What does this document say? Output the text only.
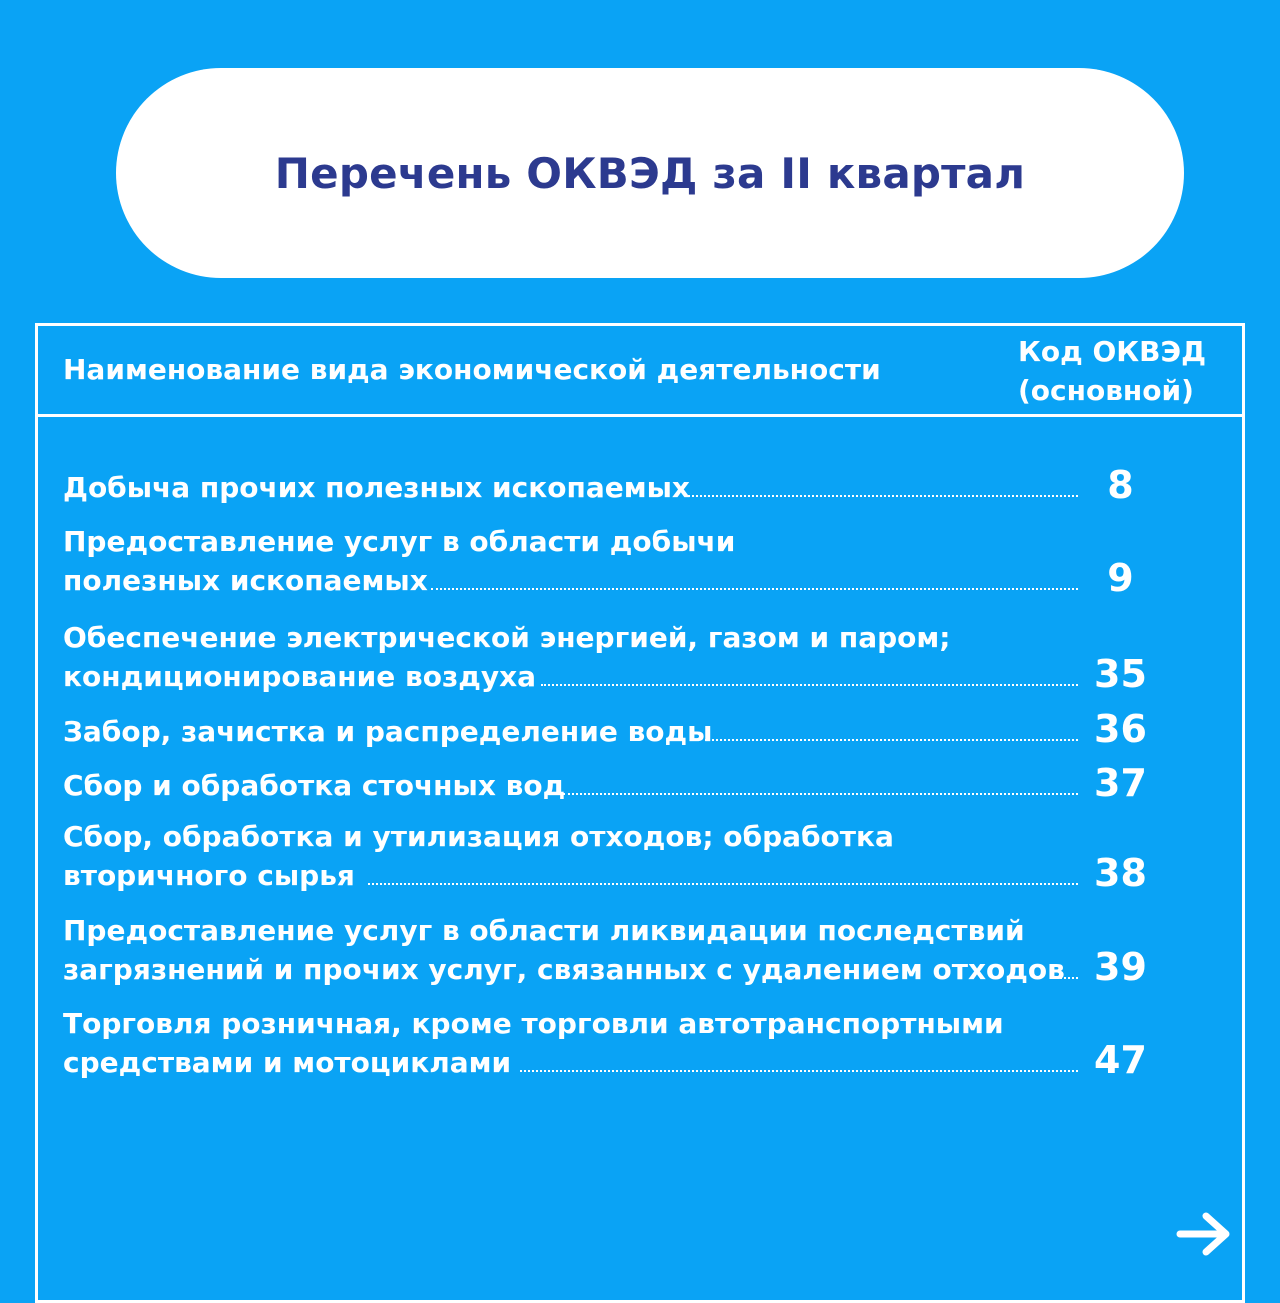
Перечень ОКВЭД за II квартал
Наименование вида экономической деятельности
Код ОКВЭД
(основной)
Добыча прочих полезных ископаемых	8
Предоставление услуг в области добычи
полезных ископаемых	9
Обеспечение электрической энергией, газом и паром;
кондиционирование воздуха	35
Забор, зачистка и распределение воды	36
Сбор и обработка сточных вод	37
Сбор, обработка и утилизация отходов; обработка
вторичного сырья	38
Предоставление услуг в области ликвидации последствий
загрязнений и прочих услуг, связанных с удалением отходов 39
Торговля розничная, кроме торговли автотранспортными
средствами и мотоциклами	47
